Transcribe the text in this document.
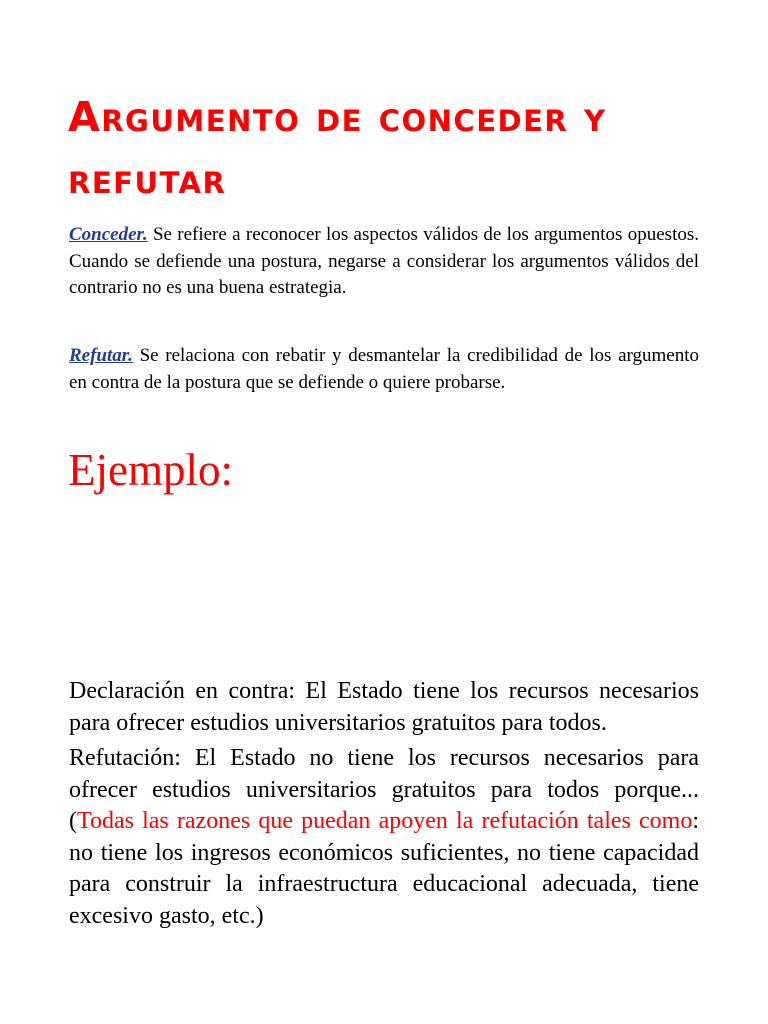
Argumento de conceder y refutar

Conceder. Se refiere a reconocer los aspectos válidos de los argumentos opuestos. Cuando se defiende una postura, negarse a considerar los argumentos válidos del contrario no es una buena estrategia.

Refutar. Se relaciona con rebatir y desmantelar la credibilidad de los argumento en contra de la postura que se defiende o quiere probarse.

Ejemplo:

Declaración en contra: El Estado tiene los recursos necesarios para ofrecer estudios universitarios gratuitos para todos.

Refutación: El Estado no tiene los recursos necesarios para ofrecer estudios universitarios gratuitos para todos porque... (Todas las razones que puedan apoyen la refutación tales como: no tiene los ingresos económicos suficientes, no tiene capacidad para construir la infraestructura educacional adecuada, tiene excesivo gasto, etc.)
